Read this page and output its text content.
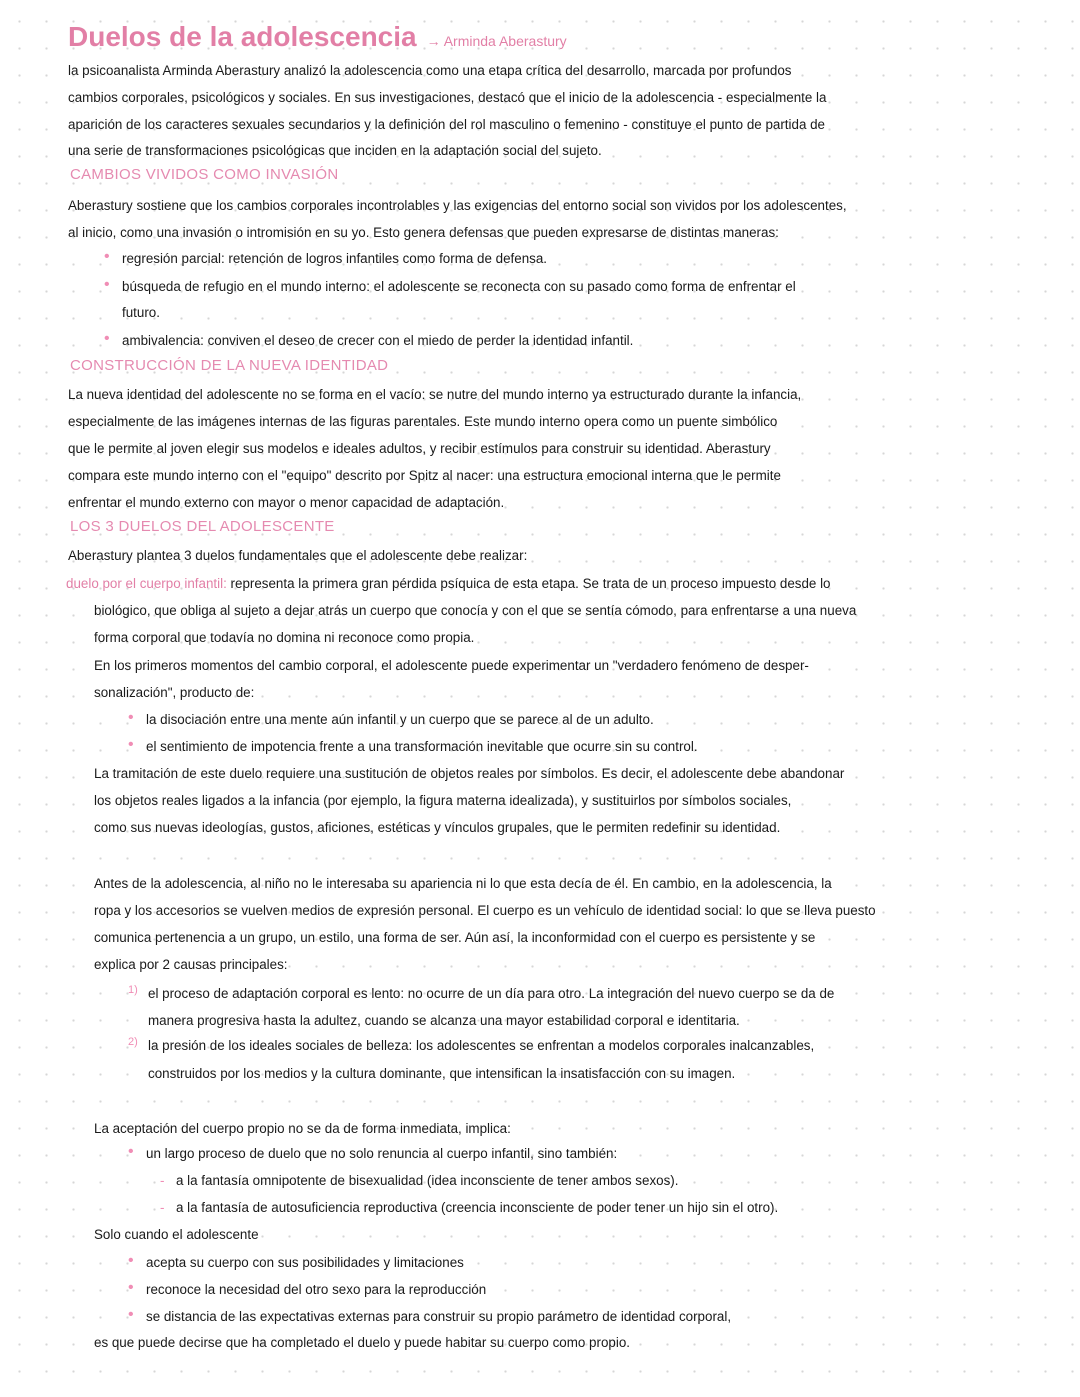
Duelos de la adolescencia → Arminda Aberastury
la psicoanalista Arminda Aberastury analizó la adolescencia como una etapa crítica del desarrollo, marcada por profundos
cambios corporales, psicológicos y sociales. En sus investigaciones, destacó que el inicio de la adolescencia - especialmente la
aparición de los caracteres sexuales secundarios y la definición del rol masculino o femenino - constituye el punto de partida de
una serie de transformaciones psicológicas que inciden en la adaptación social del sujeto.
CAMBIOS VIVIDOS COMO INVASIÓN
Aberastury sostiene que los cambios corporales incontrolables y las exigencias del entorno social son vividos por los adolescentes,
al inicio, como una invasión o intromisión en su yo. Esto genera defensas que pueden expresarse de distintas maneras:
• regresión parcial: retención de logros infantiles como forma de defensa.
• búsqueda de refugio en el mundo interno: el adolescente se reconecta con su pasado como forma de enfrentar el
futuro.
• ambivalencia: conviven el deseo de crecer con el miedo de perder la identidad infantil.
CONSTRUCCIÓN DE LA NUEVA IDENTIDAD
La nueva identidad del adolescente no se forma en el vacío: se nutre del mundo interno ya estructurado durante la infancia,
especialmente de las imágenes internas de las figuras parentales. Este mundo interno opera como un puente simbólico
que le permite al joven elegir sus modelos e ideales adultos, y recibir estímulos para construir su identidad. Aberastury
compara este mundo interno con el "equipo" descrito por Spitz al nacer: una estructura emocional interna que le permite
enfrentar el mundo externo con mayor o menor capacidad de adaptación.
LOS 3 DUELOS DEL ADOLESCENTE
Aberastury plantea 3 duelos fundamentales que el adolescente debe realizar:
duelo por el cuerpo infantil: representa la primera gran pérdida psíquica de esta etapa. Se trata de un proceso impuesto desde lo
biológico, que obliga al sujeto a dejar atrás un cuerpo que conocía y con el que se sentía cómodo, para enfrentarse a una nueva
forma corporal que todavía no domina ni reconoce como propia.
En los primeros momentos del cambio corporal, el adolescente puede experimentar un "verdadero fenómeno de desper-
sonalización", producto de:
• la disociación entre una mente aún infantil y un cuerpo que se parece al de un adulto.
• el sentimiento de impotencia frente a una transformación inevitable que ocurre sin su control.
La tramitación de este duelo requiere una sustitución de objetos reales por símbolos. Es decir, el adolescente debe abandonar
los objetos reales ligados a la infancia (por ejemplo, la figura materna idealizada), y sustituirlos por símbolos sociales,
como sus nuevas ideologías, gustos, aficiones, estéticas y vínculos grupales, que le permiten redefinir su identidad.
Antes de la adolescencia, al niño no le interesaba su apariencia ni lo que esta decía de él. En cambio, en la adolescencia, la
ropa y los accesorios se vuelven medios de expresión personal. El cuerpo es un vehículo de identidad social: lo que se lleva puesto
comunica pertenencia a un grupo, un estilo, una forma de ser. Aún así, la inconformidad con el cuerpo es persistente y se
explica por 2 causas principales:
1) el proceso de adaptación corporal es lento: no ocurre de un día para otro. La integración del nuevo cuerpo se da de
manera progresiva hasta la adultez, cuando se alcanza una mayor estabilidad corporal e identitaria.
2) la presión de los ideales sociales de belleza: los adolescentes se enfrentan a modelos corporales inalcanzables,
construidos por los medios y la cultura dominante, que intensifican la insatisfacción con su imagen.
La aceptación del cuerpo propio no se da de forma inmediata, implica:
• un largo proceso de duelo que no solo renuncia al cuerpo infantil, sino también:
- a la fantasía omnipotente de bisexualidad (idea inconsciente de tener ambos sexos).
- a la fantasía de autosuficiencia reproductiva (creencia inconsciente de poder tener un hijo sin el otro).
Solo cuando el adolescente
• acepta su cuerpo con sus posibilidades y limitaciones
• reconoce la necesidad del otro sexo para la reproducción
• se distancia de las expectativas externas para construir su propio parámetro de identidad corporal,
es que puede decirse que ha completado el duelo y puede habitar su cuerpo como propio.
